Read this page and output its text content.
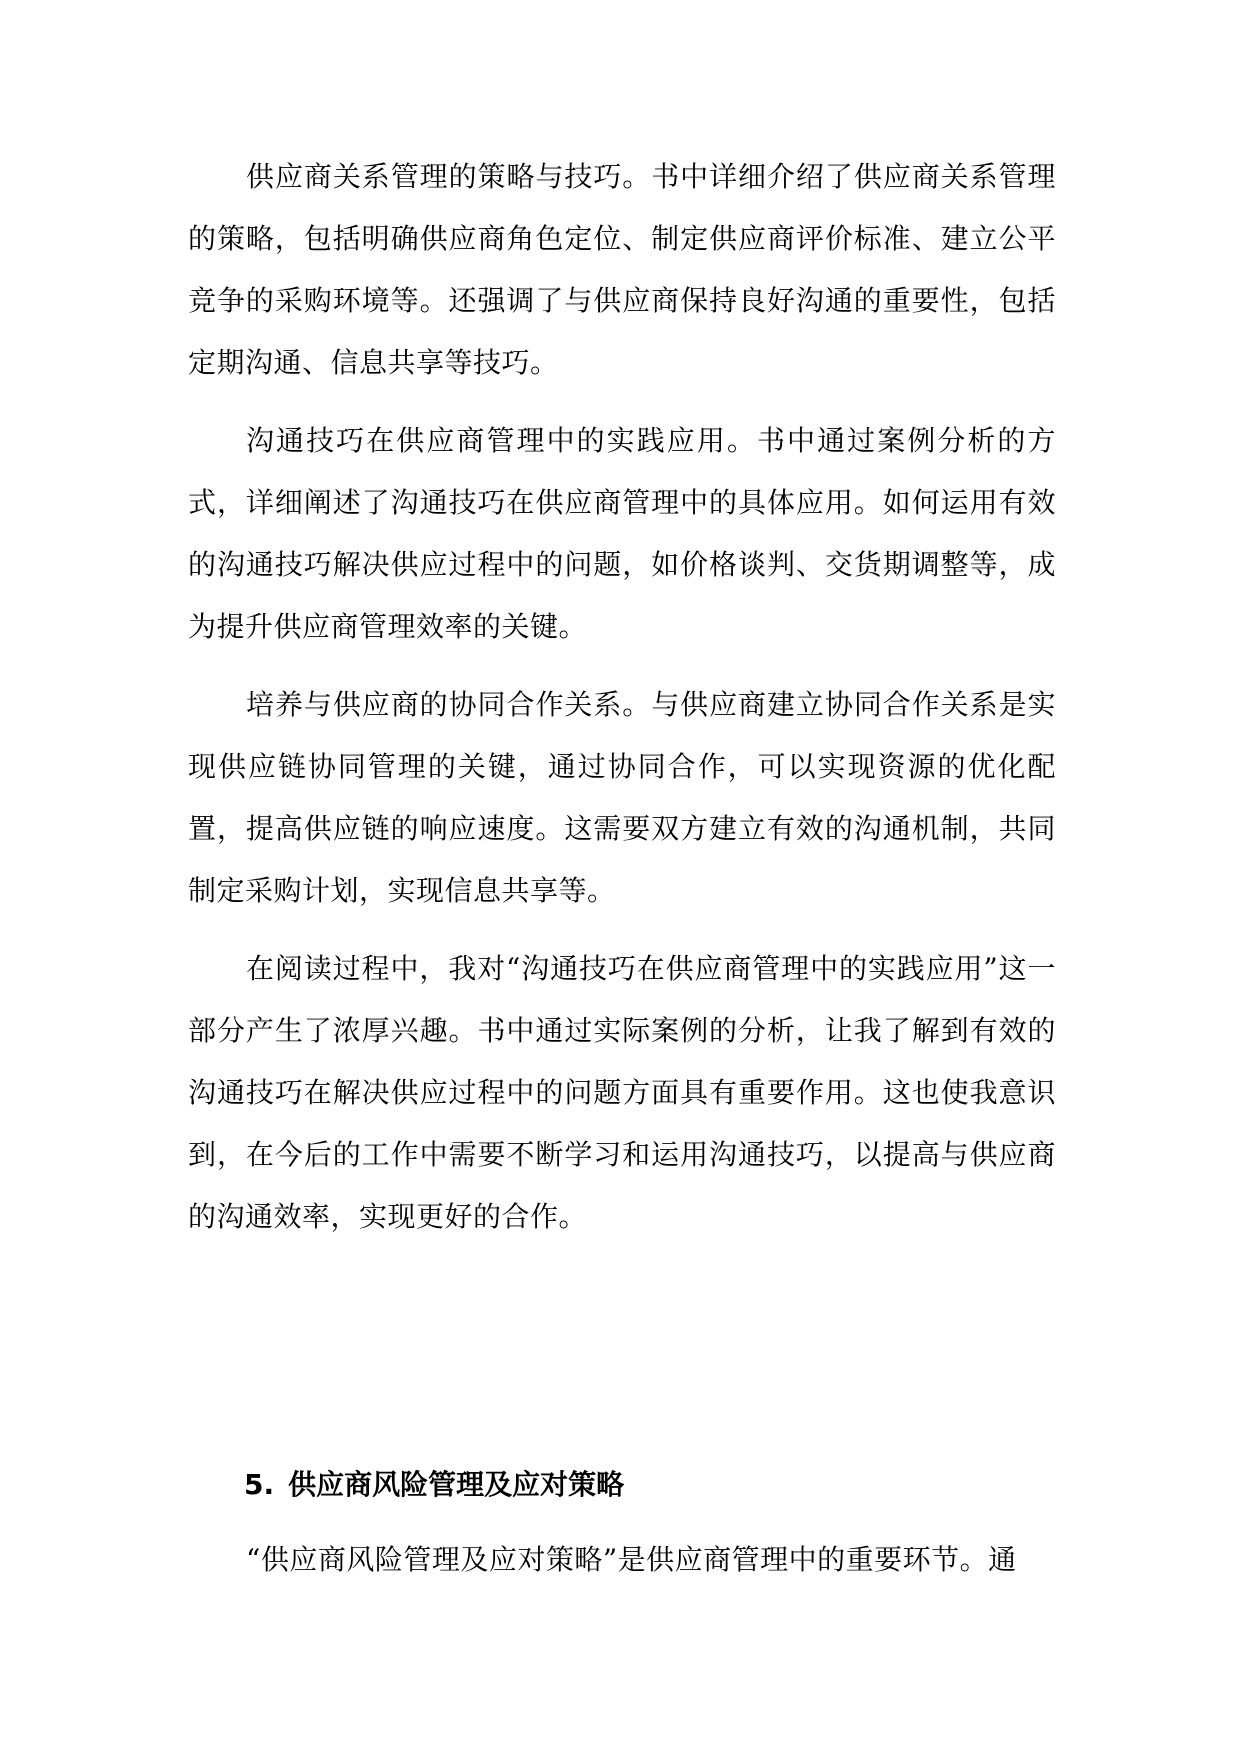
供应商关系管理的策略与技巧。书中详细介绍了供应商关系管理的策略，包括明确供应商角色定位、制定供应商评价标准、建立公平竞争的采购环境等。还强调了与供应商保持良好沟通的重要性，包括定期沟通、信息共享等技巧。

沟通技巧在供应商管理中的实践应用。书中通过案例分析的方式，详细阐述了沟通技巧在供应商管理中的具体应用。如何运用有效的沟通技巧解决供应过程中的问题，如价格谈判、交货期调整等，成为提升供应商管理效率的关键。

培养与供应商的协同合作关系。与供应商建立协同合作关系是实现供应链协同管理的关键，通过协同合作，可以实现资源的优化配置，提高供应链的响应速度。这需要双方建立有效的沟通机制，共同制定采购计划，实现信息共享等。

在阅读过程中，我对“沟通技巧在供应商管理中的实践应用”这一部分产生了浓厚兴趣。书中通过实际案例的分析，让我了解到有效的沟通技巧在解决供应过程中的问题方面具有重要作用。这也使我意识到，在今后的工作中需要不断学习和运用沟通技巧，以提高与供应商的沟通效率，实现更好的合作。

5. 供应商风险管理及应对策略

“供应商风险管理及应对策略”是供应商管理中的重要环节。通
